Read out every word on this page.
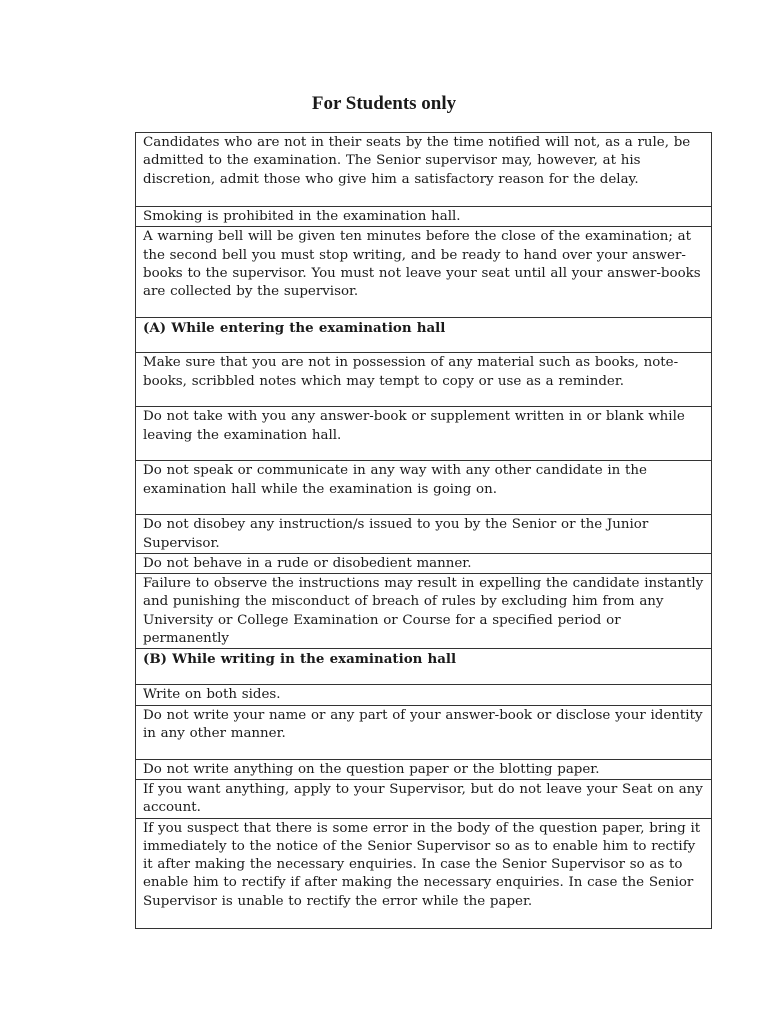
For Students only
Candidates who are not in their seats by the time notified will not, as a rule, be admitted to the examination. The Senior supervisor may, however, at his discretion, admit those who give him a satisfactory reason for the delay.
Smoking is prohibited in the examination hall.
A warning bell will be given ten minutes before the close of the examination; at the second bell you must stop writing, and be ready to hand over your answer-books to the supervisor. You must not leave your seat until all your answer-books are collected by the supervisor.
(A) While entering the examination hall
Make sure that you are not in possession of any material such as books, note-books, scribbled notes which may tempt to copy or use as a reminder.
Do not take with you any answer-book or supplement written in or blank while leaving the examination hall.
Do not speak or communicate in any way with any other candidate in the examination hall while the examination is going on.
Do not disobey any instruction/s issued to you by the Senior or the Junior Supervisor.
Do not behave in a rude or disobedient manner.
Failure to observe the instructions may result in expelling the candidate instantly and punishing the misconduct of breach of rules by excluding him from any University or College Examination or Course for a specified period or permanently
(B) While writing in the examination hall
Write on both sides.
Do not write your name or any part of your answer-book or disclose your identity in any other manner.
Do not write anything on the question paper or the blotting paper.
If you want anything, apply to your Supervisor, but do not leave your Seat on any account.
If you suspect that there is some error in the body of the question paper, bring it immediately to the notice of the Senior Supervisor so as to enable him to rectify it after making the necessary enquiries. In case the Senior Supervisor so as to enable him to rectify if after making the necessary enquiries. In case the Senior Supervisor is unable to rectify the error while the paper.
